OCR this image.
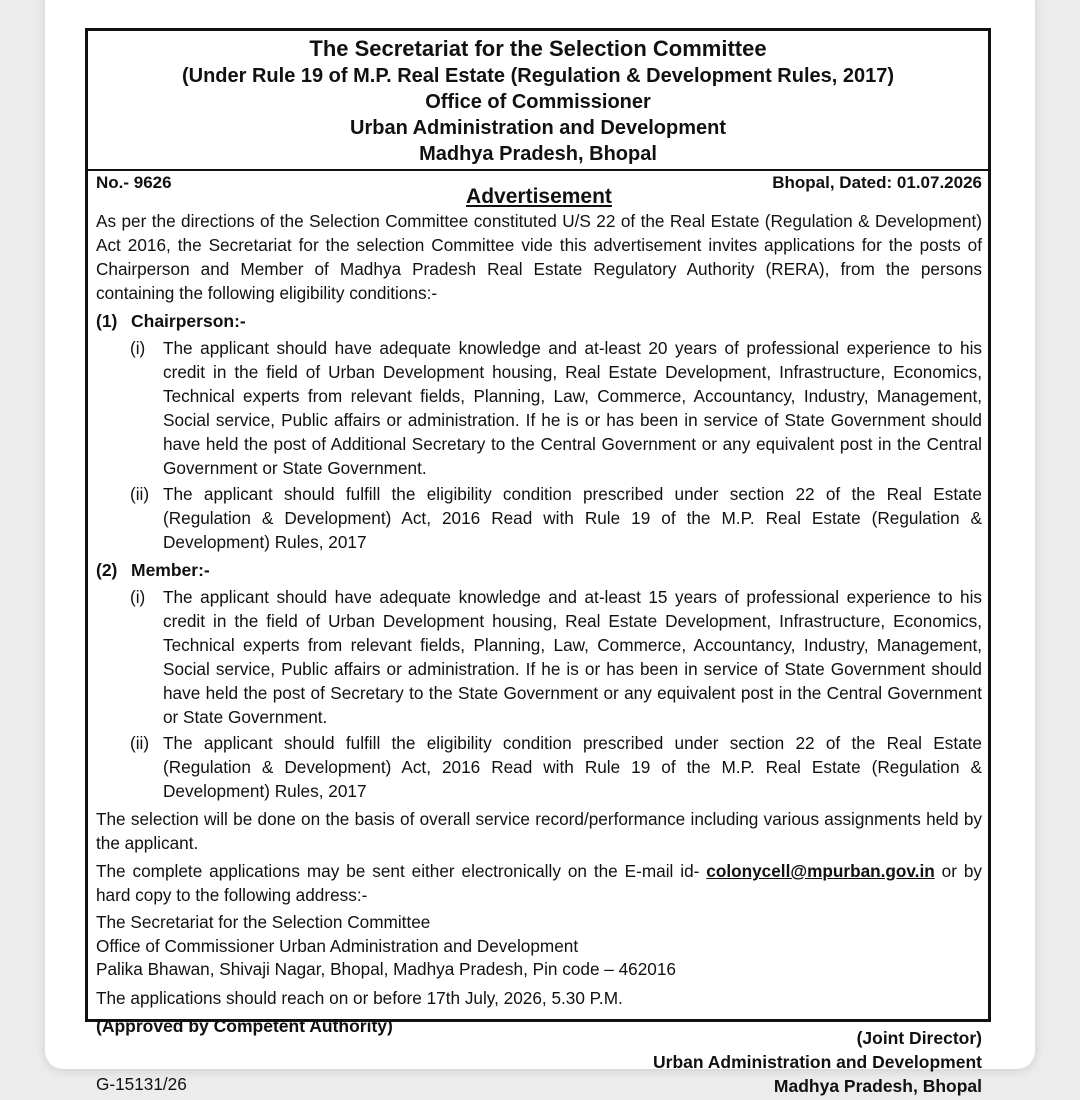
The Secretariat for the Selection Committee
(Under Rule 19 of M.P. Real Estate (Regulation & Development Rules, 2017)
Office of Commissioner
Urban Administration and Development
Madhya Pradesh, Bhopal
No.- 9626
Advertisement
Bhopal, Dated: 01.07.2026

As per the directions of the Selection Committee constituted U/S 22 of the Real Estate (Regulation & Development) Act 2016, the Secretariat for the selection Committee vide this advertisement invites applications for the posts of Chairperson and Member of Madhya Pradesh Real Estate Regulatory Authority (RERA), from the persons containing the following eligibility conditions:-

(1) Chairperson:-
(i)	The applicant should have adequate knowledge and at-least 20 years of professional experience to his credit in the field of Urban Development housing, Real Estate Development, Infrastructure, Economics, Technical experts from relevant fields, Planning, Law, Commerce, Accountancy, Industry, Management, Social service, Public affairs or administration. If he is or has been in service of State Government should have held the post of Additional Secretary to the Central Government or any equivalent post in the Central Government or State Government.

(ii) The applicant should fulfill the eligibility condition prescribed under section 22 of the Real Estate (Regulation & Development) Act, 2016 Read with Rule 19 of the M.P. Real Estate (Regulation & Development) Rules, 2017

(2) Member:-
(i)	The applicant should have adequate knowledge and at-least 15 years of professional experience to his credit in the field of Urban Development housing, Real Estate Development, Infrastructure, Economics, Technical experts from relevant fields, Planning, Law, Commerce, Accountancy, Industry, Management, Social service, Public affairs or administration. If he is or has been in service of State Government should have held the post of Secretary to the State Government or any equivalent post in the Central Government or State Government.

(ii) The applicant should fulfill the eligibility condition prescribed under section 22 of the Real Estate (Regulation & Development) Act, 2016 Read with Rule 19 of the M.P. Real Estate (Regulation & Development) Rules, 2017

The selection will be done on the basis of overall service record/performance including various assignments held by the applicant.

The complete applications may be sent either electronically on the E-mail id- colonycell@mpurban.gov.in or by hard copy to the following address:-

The Secretariat for the Selection Committee
Office of Commissioner Urban Administration and Development
Palika Bhawan, Shivaji Nagar, Bhopal, Madhya Pradesh, Pin code – 462016

The applications should reach on or before 17th July, 2026, 5.30 P.M.

(Approved by Competent Authority)
(Joint Director)
Urban Administration and Development
Madhya Pradesh, Bhopal
G-15131/26
